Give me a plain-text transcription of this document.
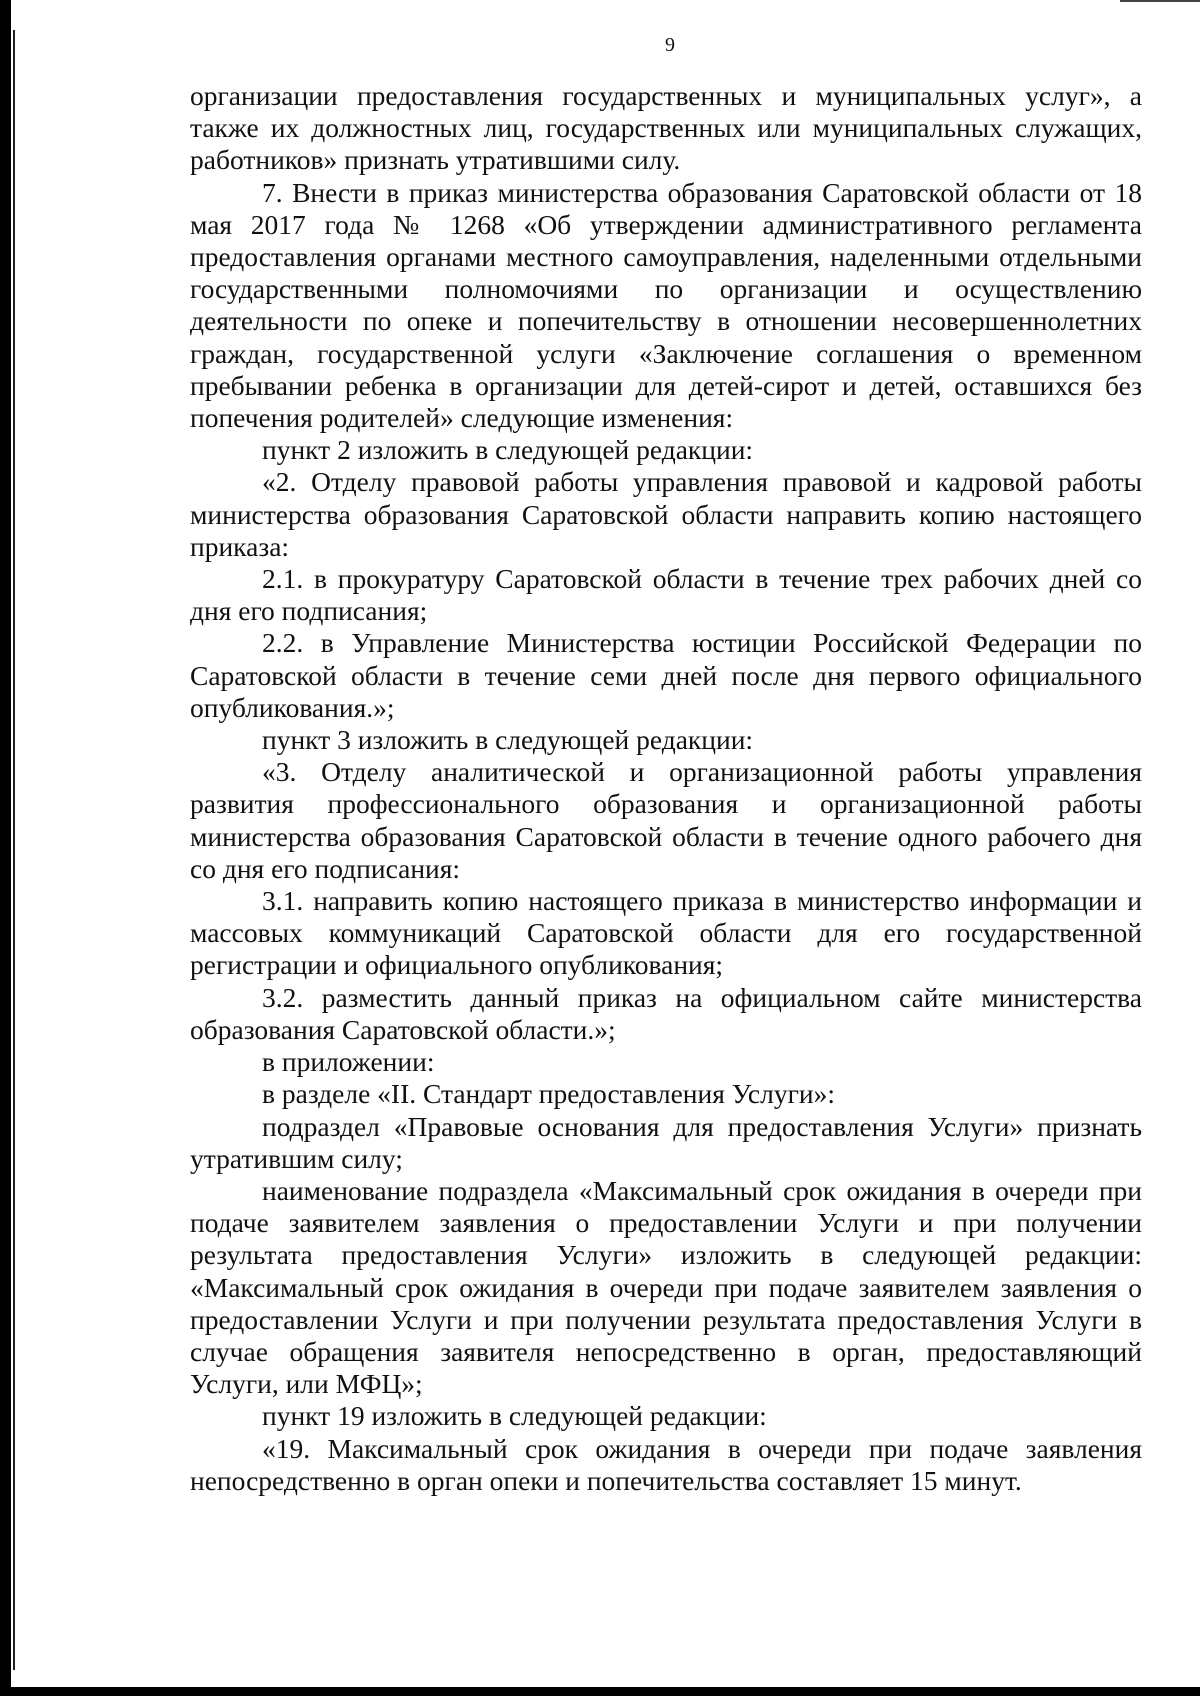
9

организации предоставления государственных и муниципальных услуг», а также их должностных лиц, государственных или муниципальных служащих, работников» признать утратившими силу.

7. Внести в приказ министерства образования Саратовской области от 18 мая 2017 года № 1268 «Об утверждении административного регламента предоставления органами местного самоуправления, наделенными отдельными государственными полномочиями по организации и осуществлению деятельности по опеке и попечительству в отношении несовершеннолетних граждан, государственной услуги «Заключение соглашения о временном пребывании ребенка в организации для детей-сирот и детей, оставшихся без попечения родителей» следующие изменения:

пункт 2 изложить в следующей редакции:

«2. Отделу правовой работы управления правовой и кадровой работы министерства образования Саратовской области направить копию настоящего приказа:

2.1. в прокуратуру Саратовской области в течение трех рабочих дней со дня его подписания;

2.2. в Управление Министерства юстиции Российской Федерации по Саратовской области в течение семи дней после дня первого официального опубликования.»;

пункт 3 изложить в следующей редакции:

«3. Отделу аналитической и организационной работы управления развития профессионального образования и организационной работы министерства образования Саратовской области в течение одного рабочего дня со дня его подписания:

3.1. направить копию настоящего приказа в министерство информации и массовых коммуникаций Саратовской области для его государственной регистрации и официального опубликования;

3.2. разместить данный приказ на официальном сайте министерства образования Саратовской области.»;

в приложении:

в разделе «II. Стандарт предоставления Услуги»:

подраздел «Правовые основания для предоставления Услуги» признать утратившим силу;

наименование подраздела «Максимальный срок ожидания в очереди при подаче заявителем заявления о предоставлении Услуги и при получении результата предоставления Услуги» изложить в следующей редакции: «Максимальный срок ожидания в очереди при подаче заявителем заявления о предоставлении Услуги и при получении результата предоставления Услуги в случае обращения заявителя непосредственно в орган, предоставляющий Услуги, или МФЦ»;

пункт 19 изложить в следующей редакции:

«19. Максимальный срок ожидания в очереди при подаче заявления непосредственно в орган опеки и попечительства составляет 15 минут.
